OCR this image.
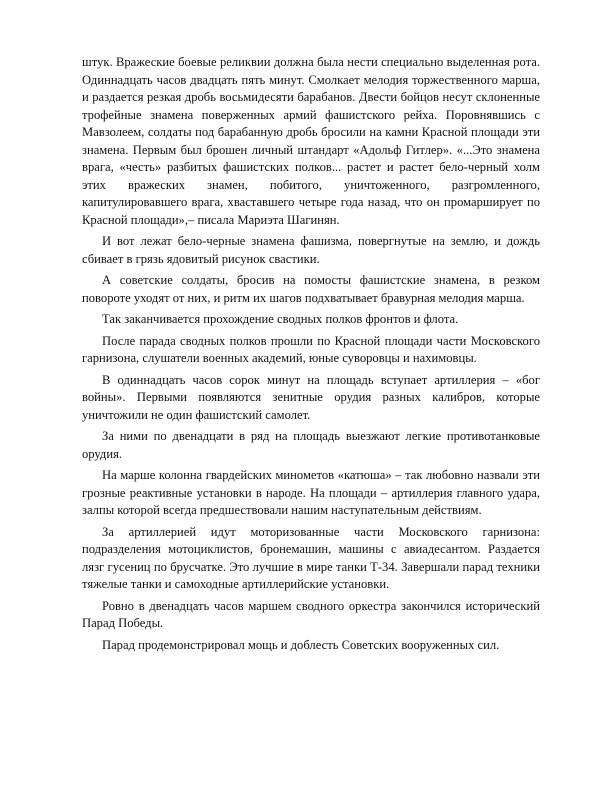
штук. Вражеские боевые реликвии должна была нести специально выделенная рота. Одиннадцать часов двадцать пять минут. Смолкает мелодия торжественного марша, и раздается резкая дробь восьмидесяти барабанов. Двести бойцов несут склоненные трофейные знамена поверженных армий фашистского рейха. Поровнявшись с Мавзолеем, солдаты под барабанную дробь бросили на камни Красной площади эти знамена. Первым был брошен личный штандарт «Адольф Гитлер». «...Это знамена врага, «честь» разбитых фашистских полков... растет и растет бело-черный холм этих вражеских знамен, побитого, уничтоженного, разгромленного, капитулировавшего врага, хваставшего четыре года назад, что он промарширует по Красной площади»,– писала Мариэта Шагинян.

И вот лежат бело-черные знамена фашизма, повергнутые на землю, и дождь сбивает в грязь ядовитый рисунок свастики.

А советские солдаты, бросив на помосты фашистские знамена, в резком повороте уходят от них, и ритм их шагов подхватывает бравурная мелодия марша.

Так заканчивается прохождение сводных полков фронтов и флота.

После парада сводных полков прошли по Красной площади части Московского гарнизона, слушатели военных академий, юные суворовцы и нахимовцы.

В одиннадцать часов сорок минут на площадь вступает артиллерия – «бог войны». Первыми появляются зенитные орудия разных калибров, которые уничтожили не один фашистский самолет.

За ними по двенадцати в ряд на площадь выезжают легкие противотанковые орудия.

На марше колонна гвардейских минометов «катюша» – так любовно назвали эти грозные реактивные установки в народе. На площади – артиллерия главного удара, залпы которой всегда предшествовали нашим наступательным действиям.

За артиллерией идут моторизованные части Московского гарнизона: подразделения мотоциклистов, бронемашин, машины с авиадесантом. Раздается лязг гусениц по брусчатке. Это лучшие в мире танки Т-34. Завершали парад техники тяжелые танки и самоходные артиллерийские установки.

Ровно в двенадцать часов маршем сводного оркестра закончился исторический Парад Победы.

Парад продемонстрировал мощь и доблесть Советских вооруженных сил.
